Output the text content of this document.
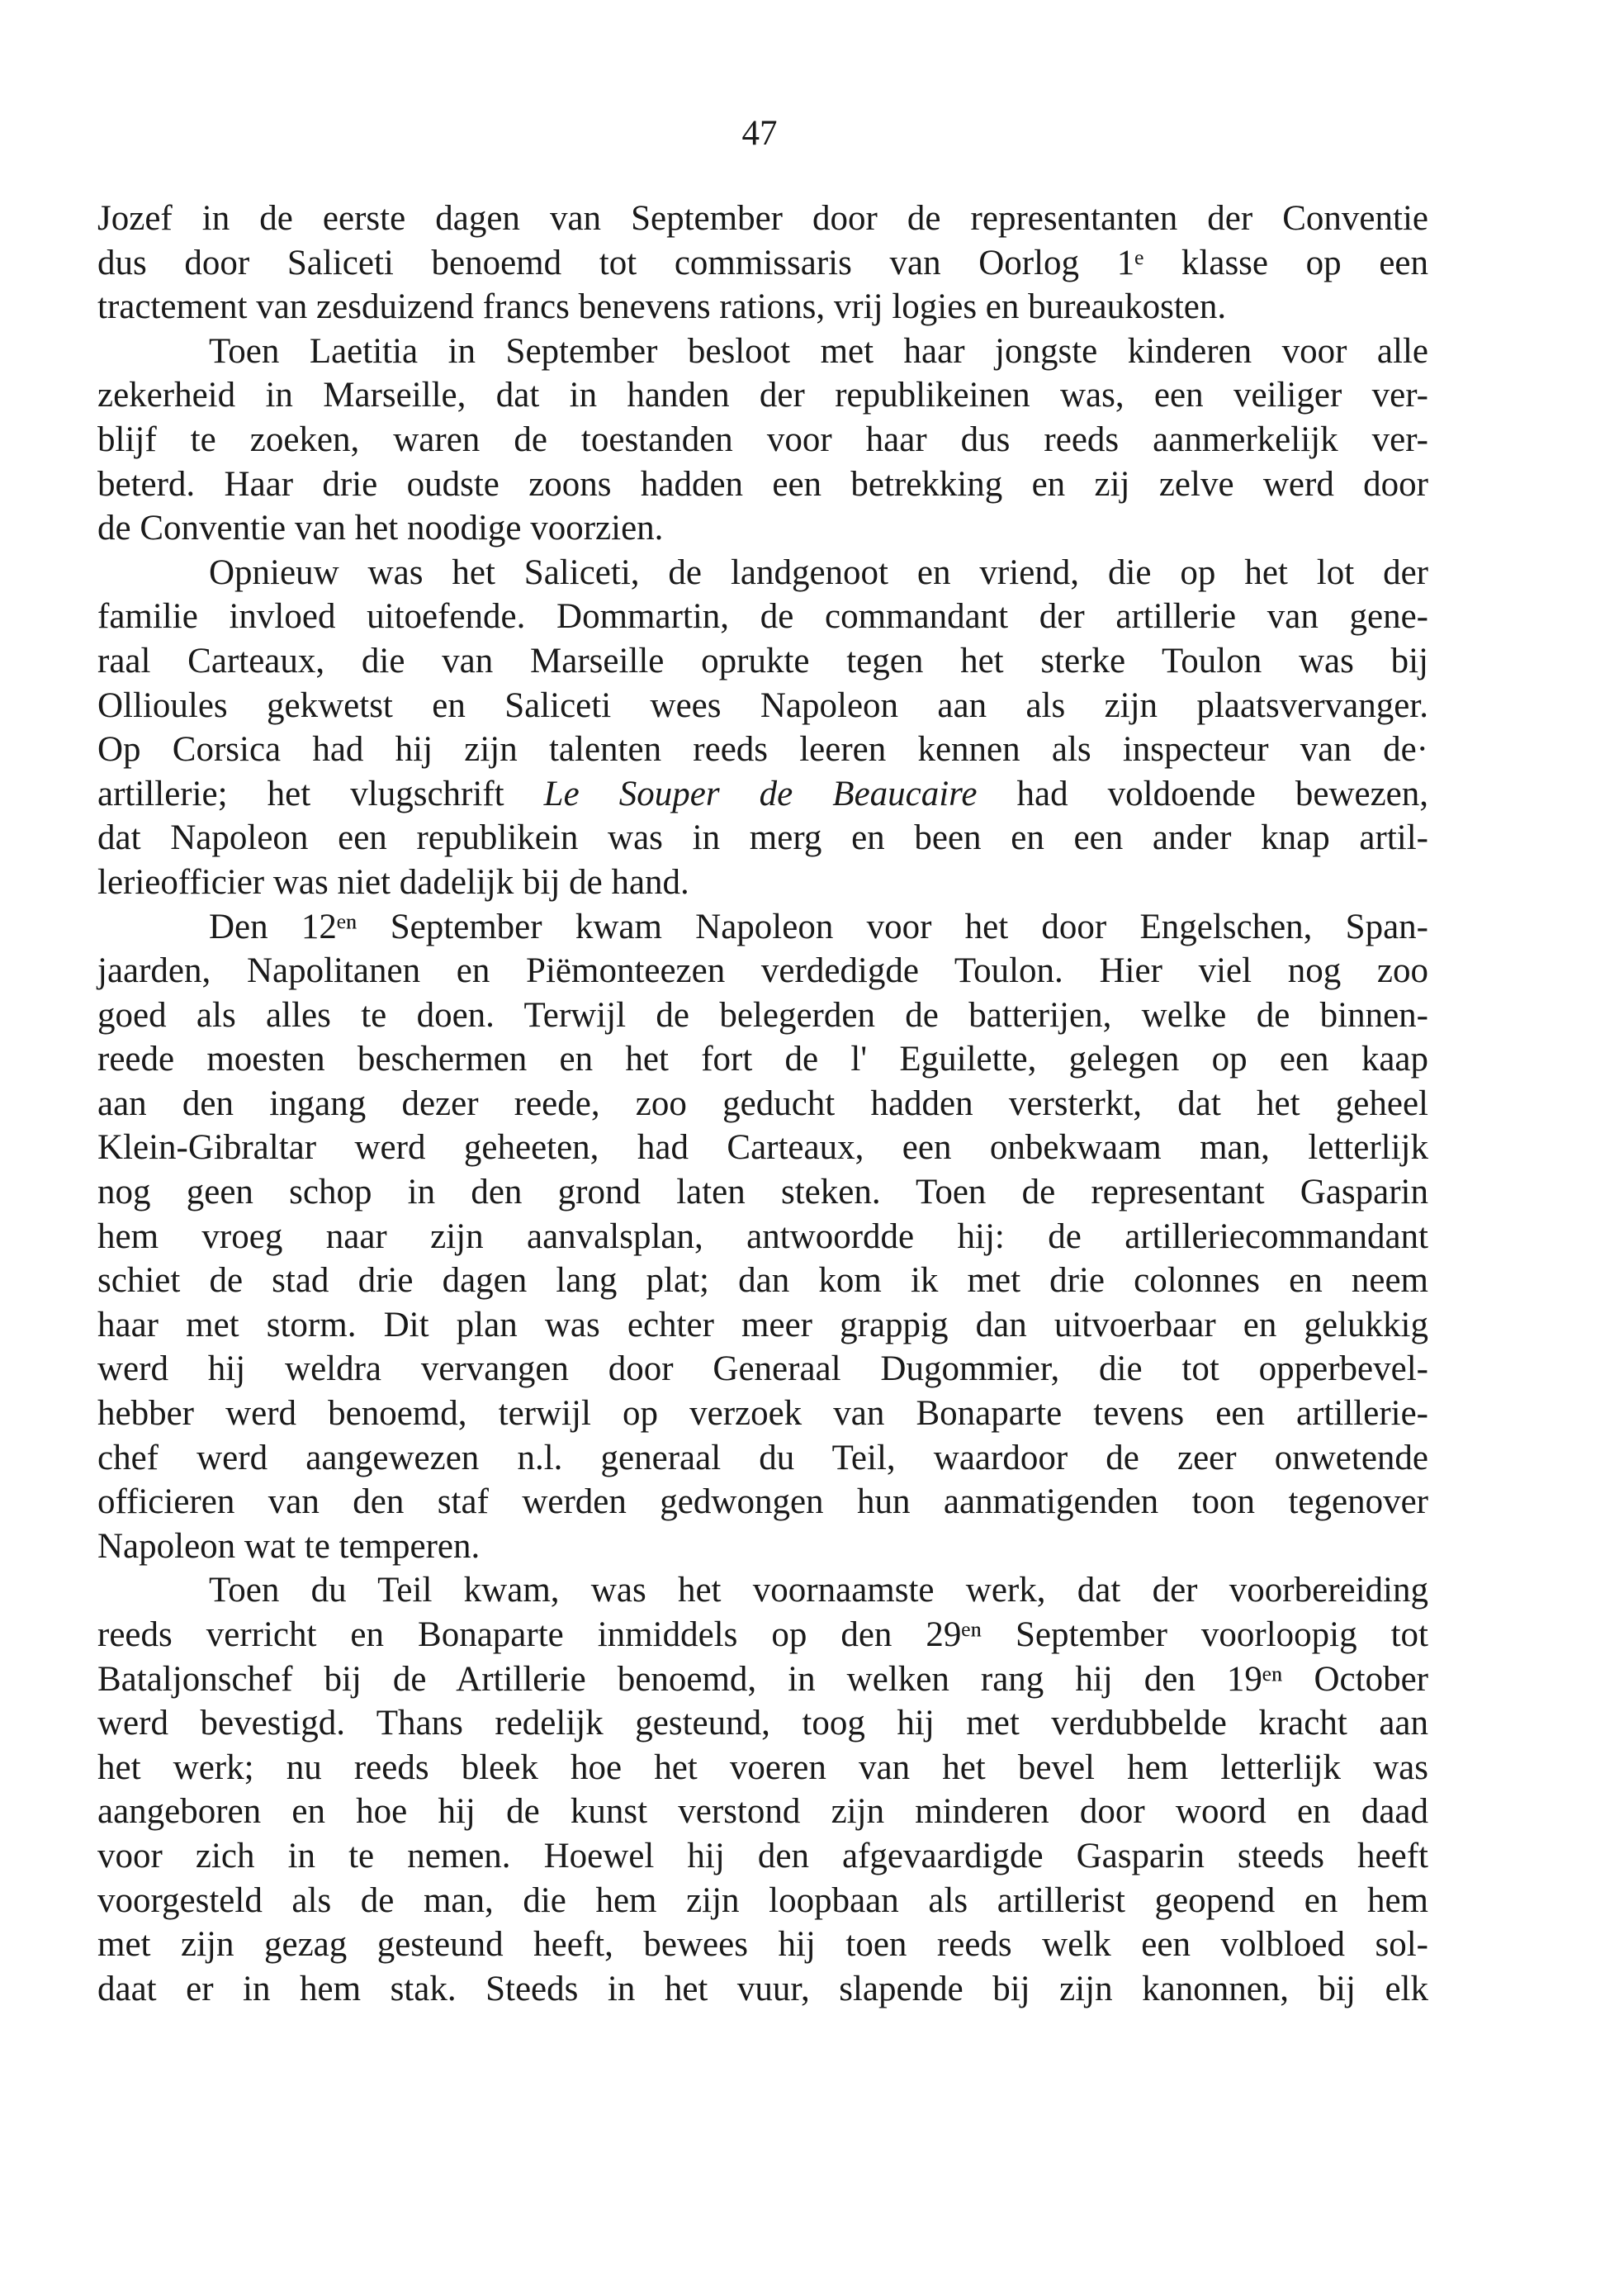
47
Jozef in de eerste dagen van September door de representanten der Conventie
dus door Saliceti benoemd tot commissaris van Oorlog 1ᵉ klasse op een
tractement van zesduizend francs benevens rations, vrij logies en bureaukosten.
Toen Laetitia in September besloot met haar jongste kinderen voor alle
zekerheid in Marseille, dat in handen der republikeinen was, een veiliger ver-
blijf te zoeken, waren de toestanden voor haar dus reeds aanmerkelijk ver-
beterd. Haar drie oudste zoons hadden een betrekking en zij zelve werd door
de Conventie van het noodige voorzien.
Opnieuw was het Saliceti, de landgenoot en vriend, die op het lot der
familie invloed uitoefende. Dommartin, de commandant der artillerie van gene-
raal Carteaux, die van Marseille oprukte tegen het sterke Toulon was bij
Ollioules gekwetst en Saliceti wees Napoleon aan als zijn plaatsvervanger.
Op Corsica had hij zijn talenten reeds leeren kennen als inspecteur van de·
artillerie; het vlugschrift Le Souper de Beaucaire had voldoende bewezen,
dat Napoleon een republikein was in merg en been en een ander knap artil-
lerieofficier was niet dadelijk bij de hand.
Den 12ᵉⁿ September kwam Napoleon voor het door Engelschen, Span-
jaarden, Napolitanen en Piëmonteezen verdedigde Toulon. Hier viel nog zoo
goed als alles te doen. Terwijl de belegerden de batterijen, welke de binnen-
reede moesten beschermen en het fort de l' Eguilette, gelegen op een kaap
aan den ingang dezer reede, zoo geducht hadden versterkt, dat het geheel
Klein-Gibraltar werd geheeten, had Carteaux, een onbekwaam man, letterlijk
nog geen schop in den grond laten steken. Toen de representant Gasparin
hem vroeg naar zijn aanvalsplan, antwoordde hij: de artilleriecommandant
schiet de stad drie dagen lang plat; dan kom ik met drie colonnes en neem
haar met storm. Dit plan was echter meer grappig dan uitvoerbaar en gelukkig
werd hij weldra vervangen door Generaal Dugommier, die tot opperbevel-
hebber werd benoemd, terwijl op verzoek van Bonaparte tevens een artillerie-
chef werd aangewezen n.l. generaal du Teil, waardoor de zeer onwetende
officieren van den staf werden gedwongen hun aanmatigenden toon tegenover
Napoleon wat te temperen.
Toen du Teil kwam, was het voornaamste werk, dat der voorbereiding
reeds verricht en Bonaparte inmiddels op den 29ᵉⁿ September voorloopig tot
Bataljonschef bij de Artillerie benoemd, in welken rang hij den 19ᵉⁿ October
werd bevestigd. Thans redelijk gesteund, toog hij met verdubbelde kracht aan
het werk; nu reeds bleek hoe het voeren van het bevel hem letterlijk was
aangeboren en hoe hij de kunst verstond zijn minderen door woord en daad
voor zich in te nemen. Hoewel hij den afgevaardigde Gasparin steeds heeft
voorgesteld als de man, die hem zijn loopbaan als artillerist geopend en hem
met zijn gezag gesteund heeft, bewees hij toen reeds welk een volbloed sol-
daat er in hem stak. Steeds in het vuur, slapende bij zijn kanonnen, bij elk
